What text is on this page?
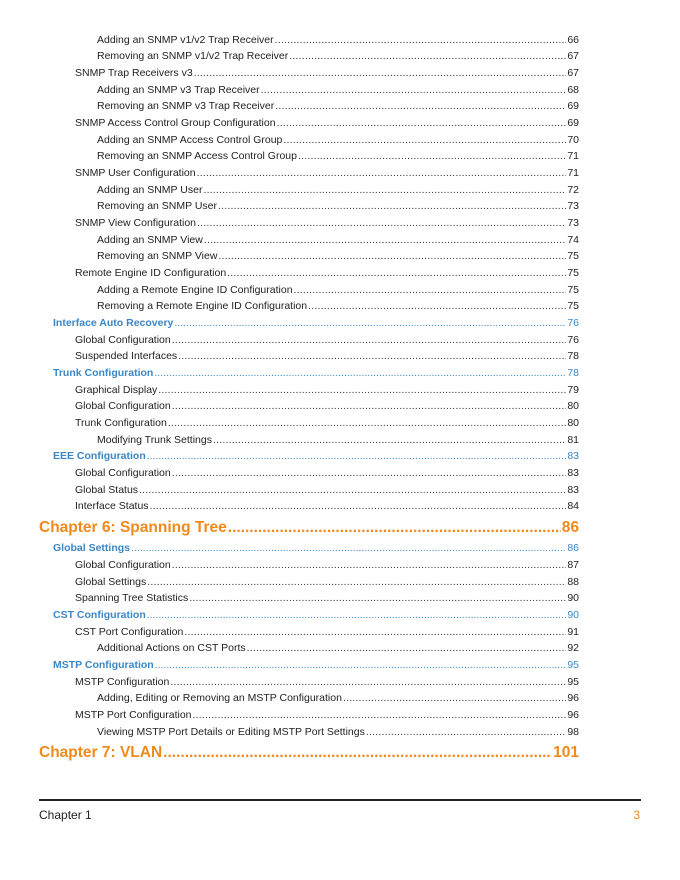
Adding an SNMP v1/v2 Trap Receiver .....	66
Removing an SNMP v1/v2 Trap Receiver .....	67
SNMP Trap Receivers v3 .....	67
Adding an SNMP v3 Trap Receiver .....	68
Removing an SNMP v3 Trap Receiver .....	69
SNMP Access Control Group Configuration .....	69
Adding an SNMP Access Control Group .....	70
Removing an SNMP Access Control Group .....	71
SNMP User Configuration .....	71
Adding an SNMP User .....	72
Removing an SNMP User .....	73
SNMP View Configuration .....	73
Adding an SNMP View .....	74
Removing an SNMP View .....	75
Remote Engine ID Configuration .....	75
Adding a Remote Engine ID Configuration .....	75
Removing a Remote Engine ID Configuration .....	75
Interface Auto Recovery .....	76
Global Configuration .....	76
Suspended Interfaces .....	78
Trunk Configuration .....	78
Graphical Display .....	79
Global Configuration .....	80
Trunk Configuration .....	80
Modifying Trunk Settings .....	81
EEE Configuration .....	83
Global Configuration .....	83
Global Status .....	83
Interface Status .....	84
Chapter 6: Spanning Tree .....	86
Global Settings .....	86
Global Configuration .....	87
Global Settings .....	88
Spanning Tree Statistics .....	90
CST Configuration .....	90
CST Port Configuration .....	91
Additional Actions on CST Ports .....	92
MSTP Configuration .....	95
MSTP Configuration .....	95
Adding, Editing or Removing an MSTP Configuration .....	96
MSTP Port Configuration .....	96
Viewing MSTP Port Details or Editing MSTP Port Settings .....	98
Chapter 7: VLAN .....	101
Chapter 1	3
